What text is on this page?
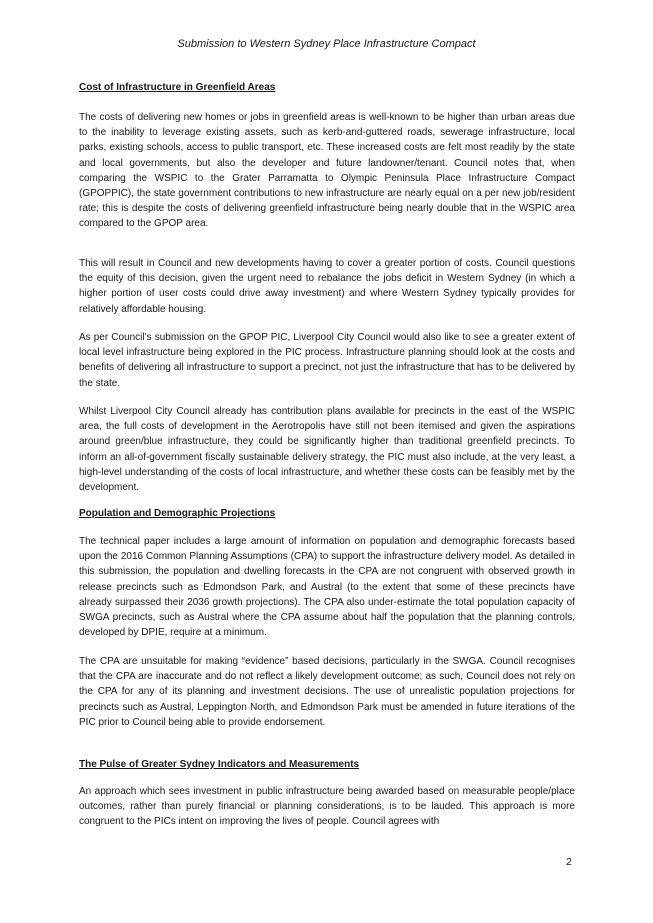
Submission to Western Sydney Place Infrastructure Compact
Cost of Infrastructure in Greenfield Areas

The costs of delivering new homes or jobs in greenfield areas is well-known to be higher than urban areas due to the inability to leverage existing assets, such as kerb-and-guttered roads, sewerage infrastructure, local parks, existing schools, access to public transport, etc. These increased costs are felt most readily by the state and local governments, but also the developer and future landowner/tenant. Council notes that, when comparing the WSPIC to the Grater Parramatta to Olympic Peninsula Place Infrastructure Compact (GPOPPIC), the state government contributions to new infrastructure are nearly equal on a per new job/resident rate; this is despite the costs of delivering greenfield infrastructure being nearly double that in the WSPIC area compared to the GPOP area.

This will result in Council and new developments having to cover a greater portion of costs. Council questions the equity of this decision, given the urgent need to rebalance the jobs deficit in Western Sydney (in which a higher portion of user costs could drive away investment) and where Western Sydney typically provides for relatively affordable housing.

As per Council’s submission on the GPOP PIC, Liverpool City Council would also like to see a greater extent of local level infrastructure being explored in the PIC process. Infrastructure planning should look at the costs and benefits of delivering all infrastructure to support a precinct, not just the infrastructure that has to be delivered by the state.

Whilst Liverpool City Council already has contribution plans available for precincts in the east of the WSPIC area, the full costs of development in the Aerotropolis have still not been itemised and given the aspirations around green/blue infrastructure, they could be significantly higher than traditional greenfield precincts. To inform an all-of-government fiscally sustainable delivery strategy, the PIC must also include, at the very least, a high-level understanding of the costs of local infrastructure, and whether these costs can be feasibly met by the development.

Population and Demographic Projections

The technical paper includes a large amount of information on population and demographic forecasts based upon the 2016 Common Planning Assumptions (CPA) to support the infrastructure delivery model. As detailed in this submission, the population and dwelling forecasts in the CPA are not congruent with observed growth in release precincts such as Edmondson Park, and Austral (to the extent that some of these precincts have already surpassed their 2036 growth projections). The CPA also under-estimate the total population capacity of SWGA precincts, such as Austral where the CPA assume about half the population that the planning controls, developed by DPIE, require at a minimum.

The CPA are unsuitable for making “evidence” based decisions, particularly in the SWGA. Council recognises that the CPA are inaccurate and do not reflect a likely development outcome; as such, Council does not rely on the CPA for any of its planning and investment decisions. The use of unrealistic population projections for precincts such as Austral, Leppington North, and Edmondson Park must be amended in future iterations of the PIC prior to Council being able to provide endorsement.

The Pulse of Greater Sydney Indicators and Measurements

An approach which sees investment in public infrastructure being awarded based on measurable people/place outcomes, rather than purely financial or planning considerations, is to be lauded. This approach is more congruent to the PICs intent on improving the lives of people. Council agrees with

2
